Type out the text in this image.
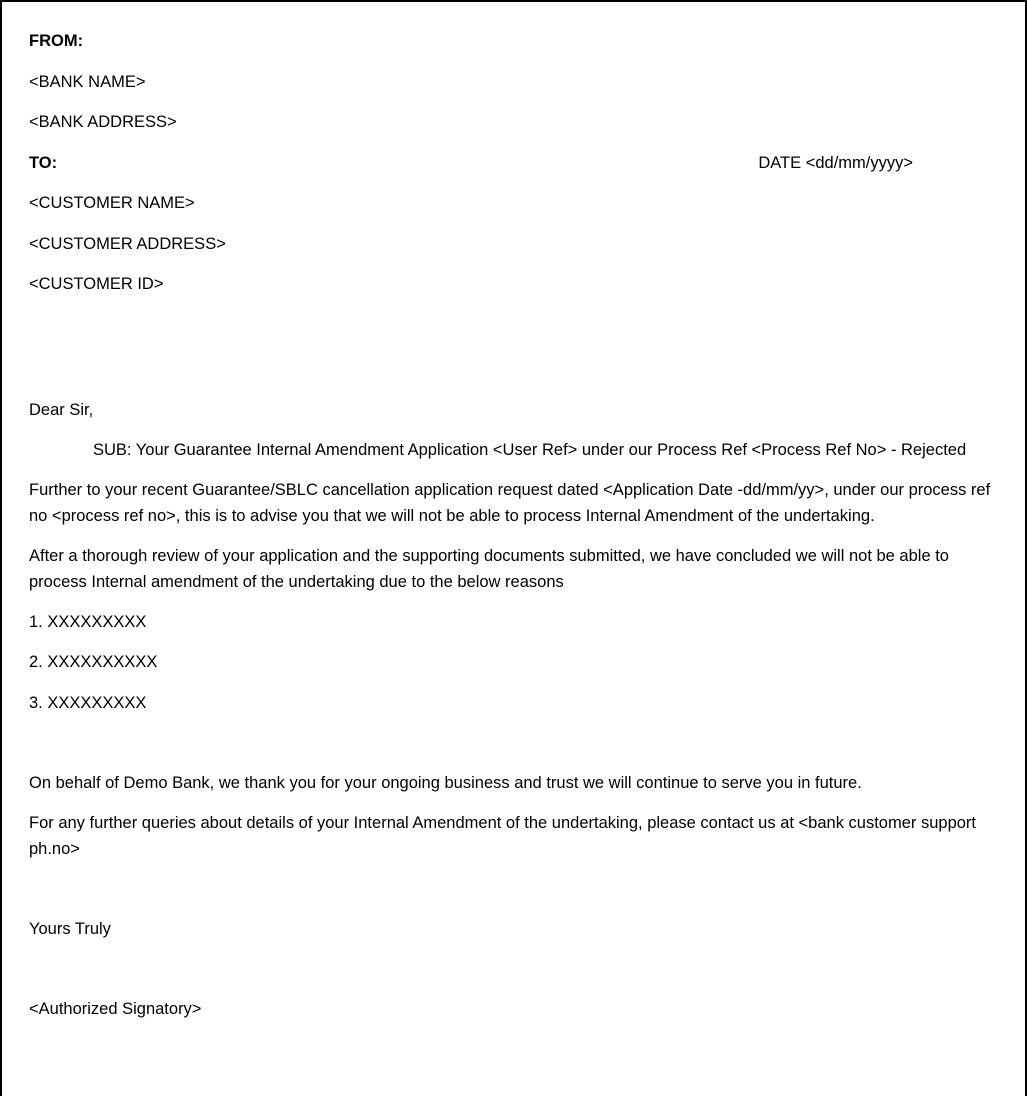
FROM:

<BANK NAME>

<BANK ADDRESS>

TO:	DATE <dd/mm/yyyy>

<CUSTOMER NAME>

<CUSTOMER ADDRESS>

<CUSTOMER ID>

Dear Sir,

SUB: Your Guarantee Internal Amendment Application <User Ref> under our Process Ref <Process Ref No> - Rejected

Further to your recent Guarantee/SBLC cancellation application request dated <Application Date -dd/mm/yy>, under our process ref no <process ref no>, this is to advise you that we will not be able to process Internal Amendment of the undertaking.

After a thorough review of your application and the supporting documents submitted, we have concluded we will not be able to process Internal amendment of the undertaking due to the below reasons

1. XXXXXXXXX

2. XXXXXXXXXX

3. XXXXXXXXX

On behalf of Demo Bank, we thank you for your ongoing business and trust we will continue to serve you in future.

For any further queries about details of your Internal Amendment of the undertaking, please contact us at <bank customer support ph.no>

Yours Truly

<Authorized Signatory>
